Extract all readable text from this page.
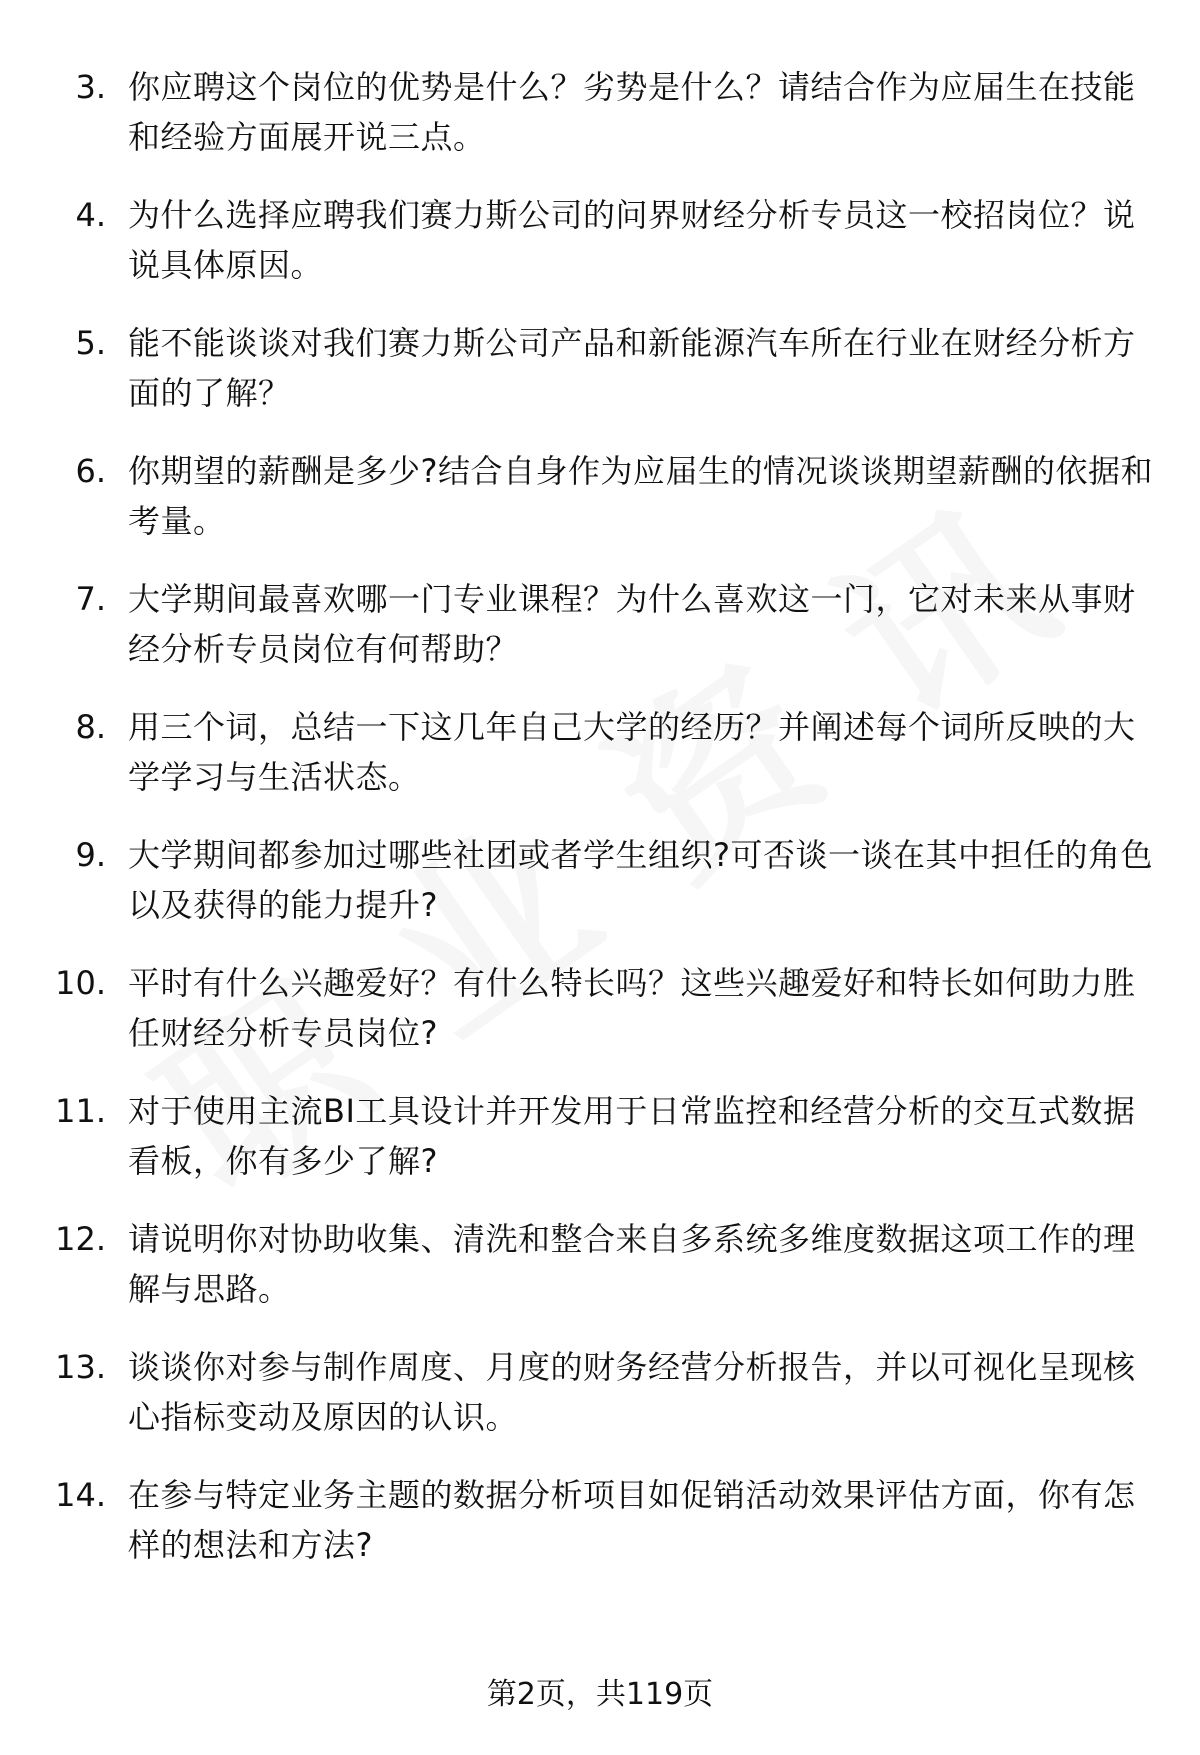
3. 你应聘这个岗位的优势是什么？劣势是什么？请结合作为应届生在技能和经验方面展开说三点。
4. 为什么选择应聘我们赛力斯公司的问界财经分析专员这一校招岗位？说说具体原因。
5. 能不能谈谈对我们赛力斯公司产品和新能源汽车所在行业在财经分析方面的了解？
6. 你期望的薪酬是多少?结合自身作为应届生的情况谈谈期望薪酬的依据和考量。
7. 大学期间最喜欢哪一门专业课程？为什么喜欢这一门，它对未来从事财经分析专员岗位有何帮助？
8. 用三个词，总结一下这几年自己大学的经历？并阐述每个词所反映的大学学习与生活状态。
9. 大学期间都参加过哪些社团或者学生组织?可否谈一谈在其中担任的角色以及获得的能力提升?
10. 平时有什么兴趣爱好？有什么特长吗？这些兴趣爱好和特长如何助力胜任财经分析专员岗位?
11. 对于使用主流BI工具设计并开发用于日常监控和经营分析的交互式数据看板，你有多少了解?
12. 请说明你对协助收集、清洗和整合来自多系统多维度数据这项工作的理解与思路。
13. 谈谈你对参与制作周度、月度的财务经营分析报告，并以可视化呈现核心指标变动及原因的认识。
14. 在参与特定业务主题的数据分析项目如促销活动效果评估方面，你有怎样的想法和方法?
第2页，共119页
